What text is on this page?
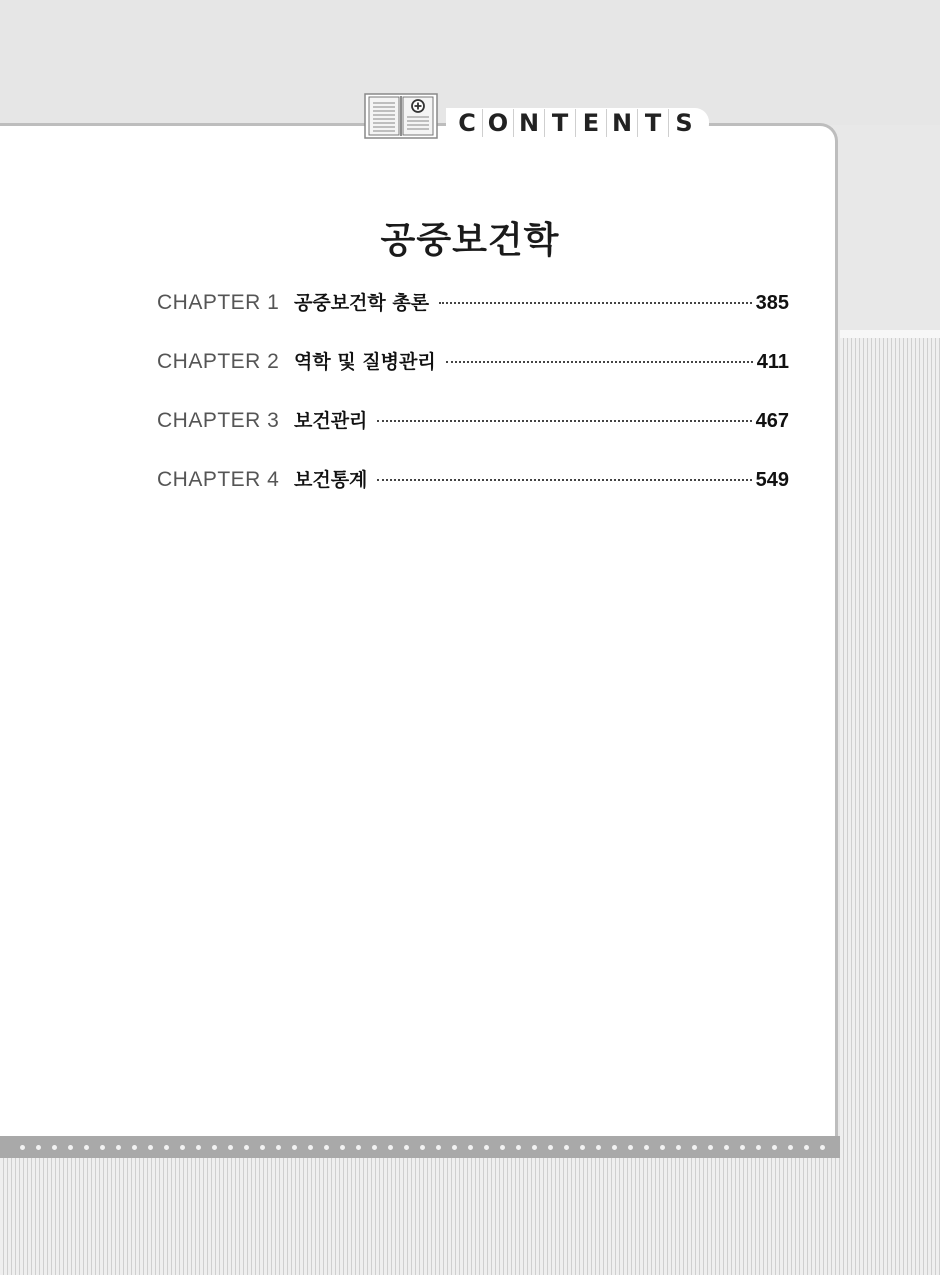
C O N T E N T S
공중보건학
CHAPTER 1 공중보건학 총론	385
CHAPTER 2 역학 및 질병관리	411
CHAPTER 3 보건관리	467
CHAPTER 4 보건통계	549
